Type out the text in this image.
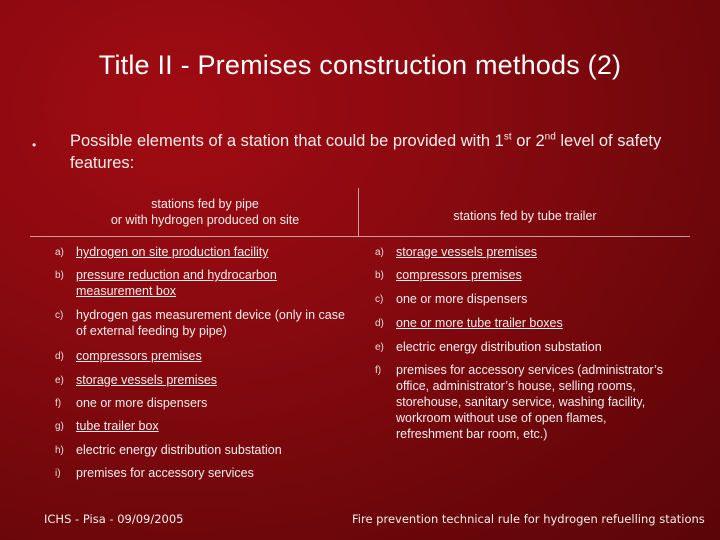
Title II - Premises construction methods (2)
• Possible elements of a station that could be provided with 1st or 2nd level of safety features:
stations fed by pipe
or with hydrogen produced on site	stations fed by tube trailer
a) hydrogen on site production facility
b) pressure reduction and hydrocarbon measurement box
c) hydrogen gas measurement device (only in case of external feeding by pipe)
d) compressors premises
e) storage vessels premises
f) one or more dispensers
g) tube trailer box
h) electric energy distribution substation
i) premises for accessory services
a) storage vessels premises
b) compressors premises
c) one or more dispensers
d) one or more tube trailer boxes
e) electric energy distribution substation
f) premises for accessory services (administrator’s office, administrator’s house, selling rooms, storehouse, sanitary service, washing facility, workroom without use of open flames, refreshment bar room, etc.)
ICHS - Pisa - 09/09/2005	Fire prevention technical rule for hydrogen refuelling stations
